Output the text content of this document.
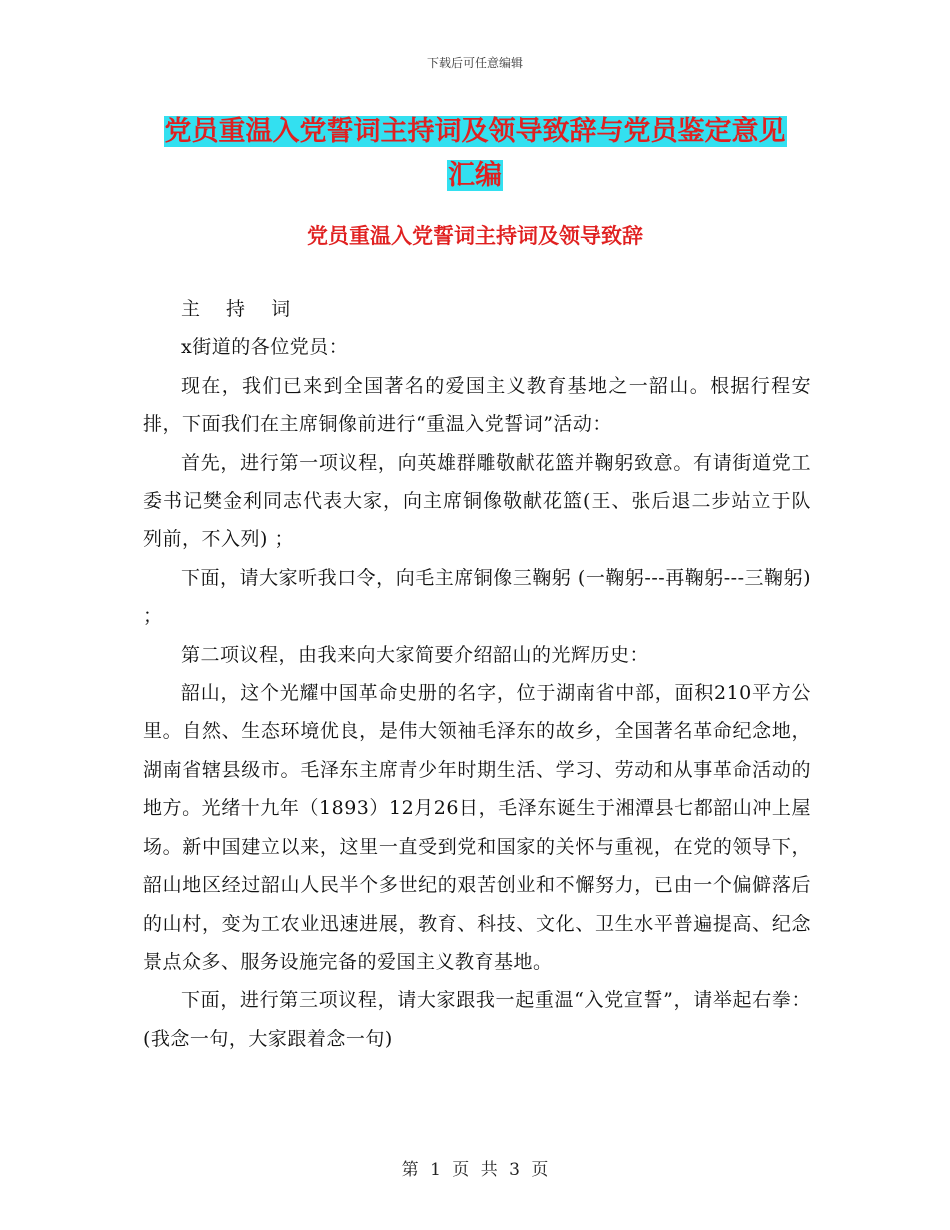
下载后可任意编辑
党员重温入党誓词主持词及领导致辞与党员鉴定意见
汇编
党员重温入党誓词主持词及领导致辞

主 持 词

x街道的各位党员：

现在，我们已来到全国著名的爱国主义教育基地之一韶山。根据行程安排，下面我们在主席铜像前进行“重温入党誓词”活动：

首先，进行第一项议程，向英雄群雕敬献花篮并鞠躬致意。有请街道党工委书记樊金利同志代表大家，向主席铜像敬献花篮(王、张后退二步站立于队列前，不入列) ；

下面，请大家听我口令，向毛主席铜像三鞠躬 (一鞠躬---再鞠躬---三鞠躬) ；

第二项议程，由我来向大家简要介绍韶山的光辉历史：

韶山，这个光耀中国革命史册的名字，位于湖南省中部，面积210平方公里。自然、生态环境优良，是伟大领袖毛泽东的故乡，全国著名革命纪念地，湖南省辖县级市。毛泽东主席青少年时期生活、学习、劳动和从事革命活动的地方。光绪十九年（1893）12月26日，毛泽东诞生于湘潭县七都韶山冲上屋场。新中国建立以来，这里一直受到党和国家的关怀与重视，在党的领导下，韶山地区经过韶山人民半个多世纪的艰苦创业和不懈努力，已由一个偏僻落后的山村，变为工农业迅速进展，教育、科技、文化、卫生水平普遍提高、纪念景点众多、服务设施完备的爱国主义教育基地。

下面，进行第三项议程，请大家跟我一起重温“入党宣誓”，请举起右拳：(我念一句，大家跟着念一句)

第 1 页 共 3 页
